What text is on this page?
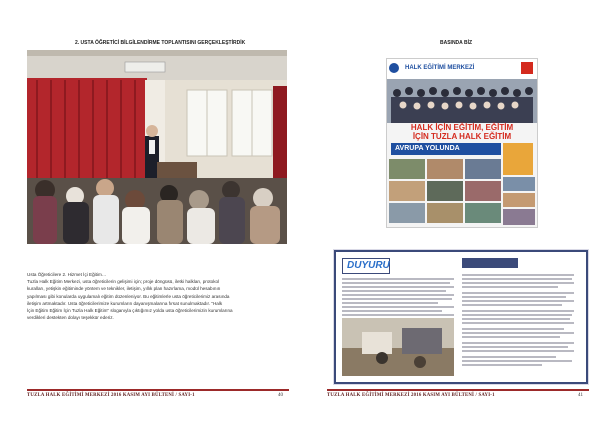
2. USTA ÖĞRETİCİ BİLGİLENDİRME TOPLANTISINI GERÇEKLEŞTİRDİK
Usta Öğreticilere 2. Hizmet İçi Eğitim…
Tuzla Halk Eğitim Merkezi, usta öğreticilerin gelişimi için; proje döngüsü, iletki halkları, protokol
kuralları, yetişkin eğitiminde yöntem ve teknikler, iletişim, yıllık plan hazırlama, modül hesabının
yapılması gibi konularda uygulamalı eğitim düzenleniyor. Bu eğitimlerle usta öğreticilerimiz arasında
iletişim artmaktadır. Usta öğreticilerimize kurumların dayanışmalarına fırsat sunulmaktadır. "Halk
İçin Eğitim Eğitim İçin Tuzla Halk Eğitim" sloganıyla çıktığımız yolda usta öğreticilerimizin kurumlarına
verdikleri destekten dolayı teşekkür ederiz.
TUZLA HALK EĞİTİMİ MERKEZİ 2016 KASIM AYI BÜLTENİ / SAYI-1	40
BASINDA BİZ
HALK EĞİTİMİ MERKEZİ
HALK İÇİN EĞİTİM, EĞİTİM
İÇİN TUZLA HALK EĞİTİM
AVRUPA YOLUNDA
DUYURU
TUZLA HALK EĞİTİMİ MERKEZİ 2016 KASIM AYI BÜLTENİ / SAYI-1	41
